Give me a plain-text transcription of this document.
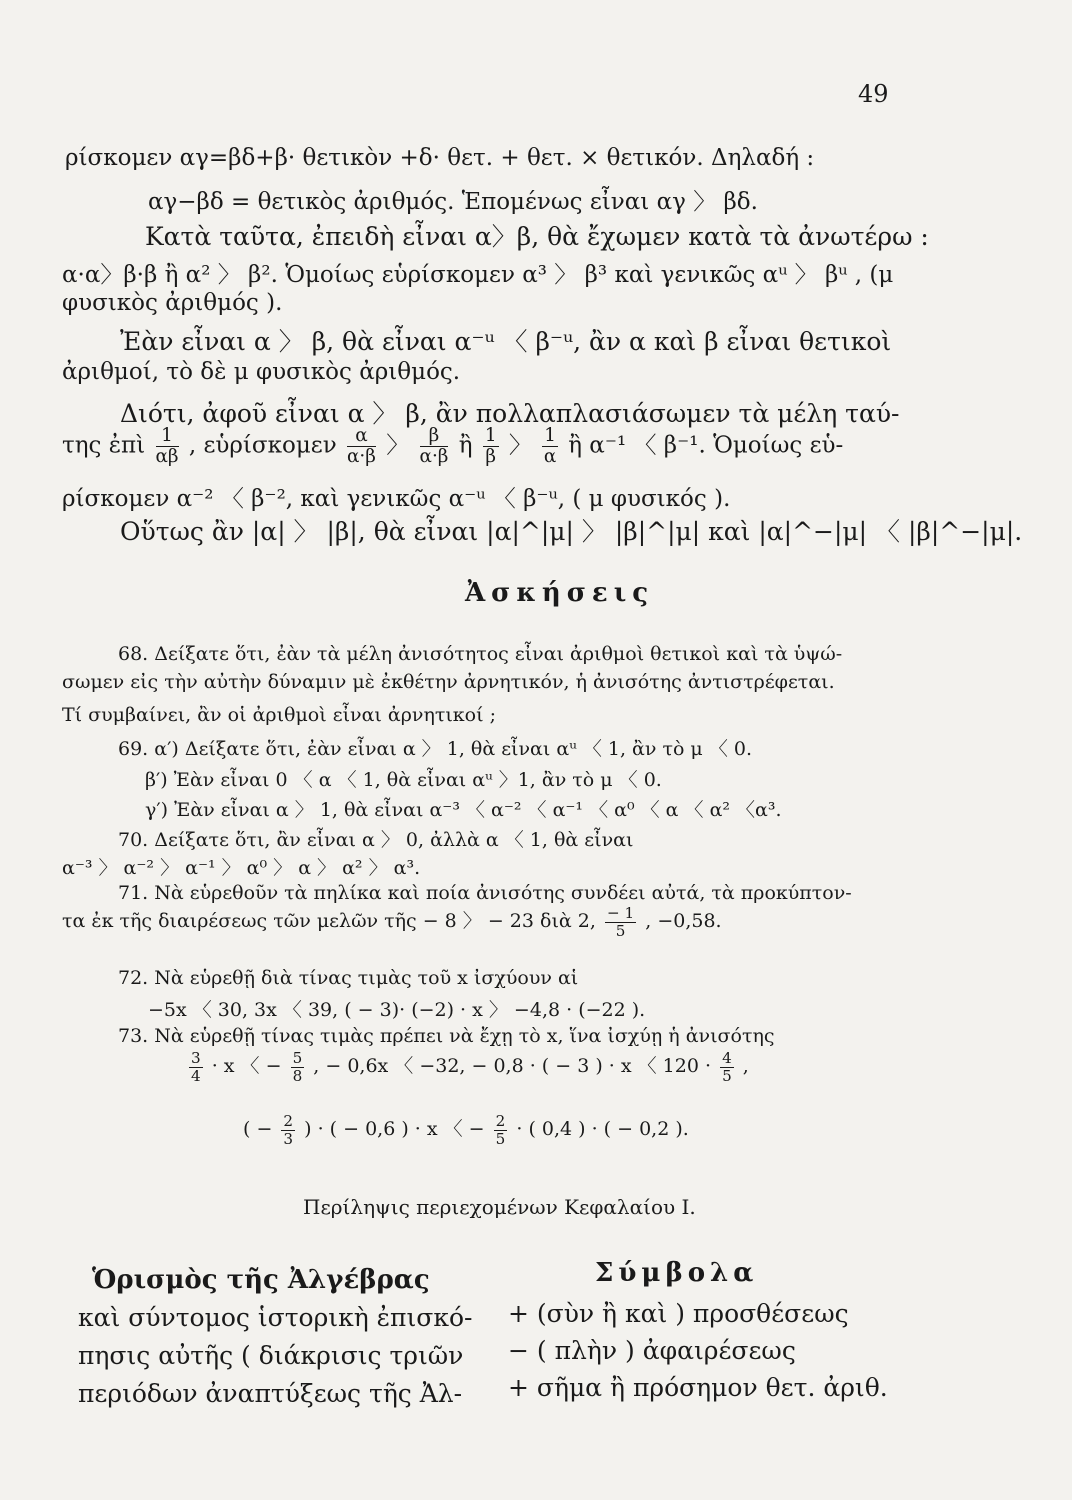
49
ρίσκομεν αγ=βδ+β· θετικὸν +δ· θετ. + θετ. × θετικόν. Δηλαδή :
αγ−βδ = θετικὸς ἀριθμός. Ἑπομένως εἶναι αγ 〉 βδ.
Κατὰ ταῦτα, ἐπειδὴ εἶναι α〉β, θὰ ἔχωμεν κατὰ τὰ ἀνωτέρω :
α·α〉β·β ἢ α² 〉 β². Ὁμοίως εὑρίσκομεν α³ 〉 β³ καὶ γενικῶς αᵘ 〉 βᵘ , (μ
φυσικὸς ἀριθμός ).
Ἐὰν εἶναι α 〉 β, θὰ εἶναι α⁻ᵘ 〈 β⁻ᵘ, ἂν α καὶ β εἶναι θετικοὶ
ἀριθμοί, τὸ δὲ μ φυσικὸς ἀριθμός.
Διότι, ἀφοῦ εἶναι α 〉 β, ἂν πολλαπλασιάσωμεν τὰ μέλη ταύ-
της ἐπὶ $\frac{1}{\alpha\beta}$ , εὑρίσκομεν $\frac{\alpha}{\alpha\cdot\beta}$ 〉 $\frac{\beta}{\alpha\cdot\beta}$ ἢ $\frac{1}{\beta}$ 〉 $\frac{1}{\alpha}$ ἢ α⁻¹ 〈 β⁻¹. Ὁμοίως εὑ-
ρίσκομεν α⁻² 〈 β⁻², καὶ γενικῶς α⁻ᵘ 〈 β⁻ᵘ, ( μ φυσικός ).
Οὕτως ἂν |α| 〉 |β|, θὰ εἶναι |α|^|μ| 〉 |β|^|μ| καὶ |α|^−|μ| 〈 |β|^−|μ|.
Ἀσκήσεις
68. Δείξατε ὅτι, ἐὰν τὰ μέλη ἀνισότητος εἶναι ἀριθμοὶ θετικοὶ καὶ τὰ ὑψώ-
σωμεν εἰς τὴν αὐτὴν δύναμιν μὲ ἐκθέτην ἀρνητικόν, ἡ ἀνισότης ἀντιστρέφεται.
Τί συμβαίνει, ἂν οἱ ἀριθμοὶ εἶναι ἀρνητικοί ;
69. α′) Δείξατε ὅτι, ἐὰν εἶναι α 〉 1, θὰ εἶναι αᵘ 〈 1, ἂν τὸ μ 〈 0.
β′) Ἐὰν εἶναι 0 〈 α 〈 1, θὰ εἶναι αᵘ 〉1, ἂν τὸ μ 〈 0.
γ′) Ἐὰν εἶναι α 〉 1, θὰ εἶναι α⁻³ 〈 α⁻² 〈 α⁻¹ 〈 α⁰ 〈 α 〈 α² 〈α³.
70. Δείξατε ὅτι, ἂν εἶναι α 〉 0, ἀλλὰ α 〈 1, θὰ εἶναι
α⁻³ 〉 α⁻² 〉 α⁻¹ 〉 α⁰ 〉 α 〉 α² 〉 α³.
71. Νὰ εὑρεθοῦν τὰ πηλίκα καὶ ποία ἀνισότης συνδέει αὐτά, τὰ προκύπτον-
τα ἐκ τῆς διαιρέσεως τῶν μελῶν τῆς − 8 〉 − 23 διὰ 2, $\frac{- 1}{5}$ , −0,58.
72. Νὰ εὑρεθῇ διὰ τίνας τιμὰς τοῦ x ἰσχύουν αἱ
−5x 〈 30, 3x 〈 39, ( − 3)· (−2) · x 〉 −4,8 · (−22 ).
73. Νὰ εὑρεθῇ τίνας τιμὰς πρέπει νὰ ἔχῃ τὸ x, ἵνα ἰσχύῃ ἡ ἀνισότης
$\frac{3}{4} \cdot x$ 〈 − $\frac{5}{8}$ , − 0,6x 〈 −32, − 0,8 · ( − 3 ) · x 〈 $120 \cdot \frac{4}{5}$ ,
( − $\frac{2}{3}$ ) · ( − 0,6 ) · x 〈 − $\frac{2}{5}$ · ( 0,4 ) · ( − 0,2 ).
Περίληψις περιεχομένων Κεφαλαίου Ι.
Ὁρισμὸς τῆς Ἀλγέβρας
καὶ σύντομος ἱστορικὴ ἐπισκό-
πησις αὐτῆς ( διάκρισις τριῶν
περιόδων ἀναπτύξεως τῆς Ἀλ-
Σύμβολα
+ (σὺν ἢ καὶ ) προσθέσεως
− ( πλὴν ) ἀφαιρέσεως
+ σῆμα ἢ πρόσημον θετ. ἀριθ.
